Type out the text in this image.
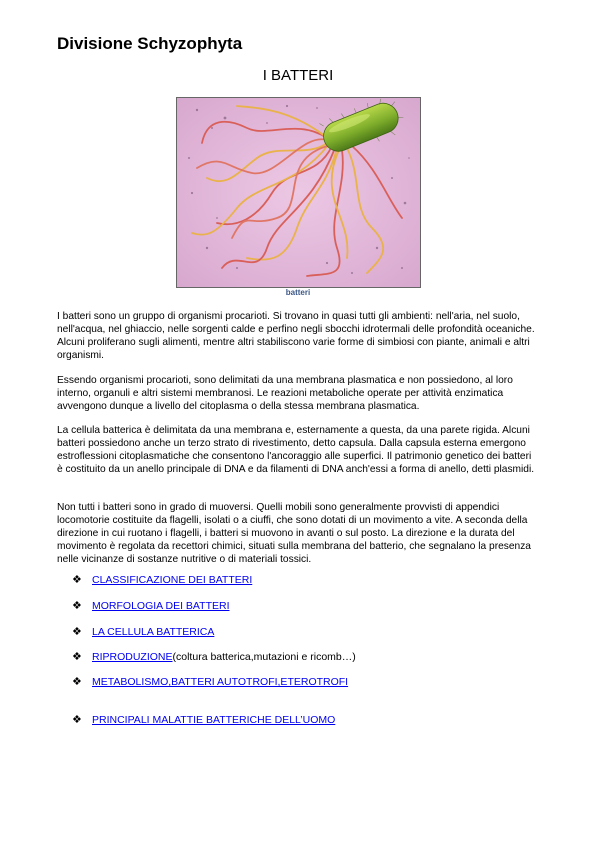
Divisione Schyzophyta
I BATTERI
batteri

I batteri sono un gruppo di organismi procarioti. Si trovano in quasi tutti gli ambienti: nell'aria, nel suolo, nell'acqua, nel ghiaccio, nelle sorgenti calde e perfino negli sbocchi idrotermali delle profondità oceaniche. Alcuni proliferano sugli alimenti, mentre altri stabiliscono varie forme di simbiosi con piante, animali e altri organismi.

Essendo organismi procarioti, sono delimitati da una membrana plasmatica e non possiedono, al loro interno, organuli e altri sistemi membranosi. Le reazioni metaboliche operate per attività enzimatica avvengono dunque a livello del citoplasma o della stessa membrana plasmatica.

La cellula batterica è delimitata da una membrana e, esternamente a questa, da una parete rigida. Alcuni batteri possiedono anche un terzo strato di rivestimento, detto capsula. Dalla capsula esterna emergono estroflessioni citoplasmatiche che consentono l'ancoraggio alle superfici. Il patrimonio genetico dei batteri è costituito da un anello principale di DNA e da filamenti di DNA anch'essi a forma di anello, detti plasmidi.

Non tutti i batteri sono in grado di muoversi. Quelli mobili sono generalmente provvisti di appendici locomotorie costituite da flagelli, isolati o a ciuffi, che sono dotati di un movimento a vite. A seconda della direzione in cui ruotano i flagelli, i batteri si muovono in avanti o sul posto. La direzione e la durata del movimento è regolata da recettori chimici, situati sulla membrana del batterio, che segnalano la presenza nelle vicinanze di sostanze nutritive o di materiali tossici.

❖ CLASSIFICAZIONE DEI BATTERI
❖ MORFOLOGIA DEI BATTERI
❖ LA CELLULA BATTERICA
❖ RIPRODUZIONE(coltura batterica,mutazioni e ricomb…)
❖ METABOLISMO,BATTERI AUTOTROFI,ETEROTROFI
❖ PRINCIPALI MALATTIE BATTERICHE DELL’UOMO
